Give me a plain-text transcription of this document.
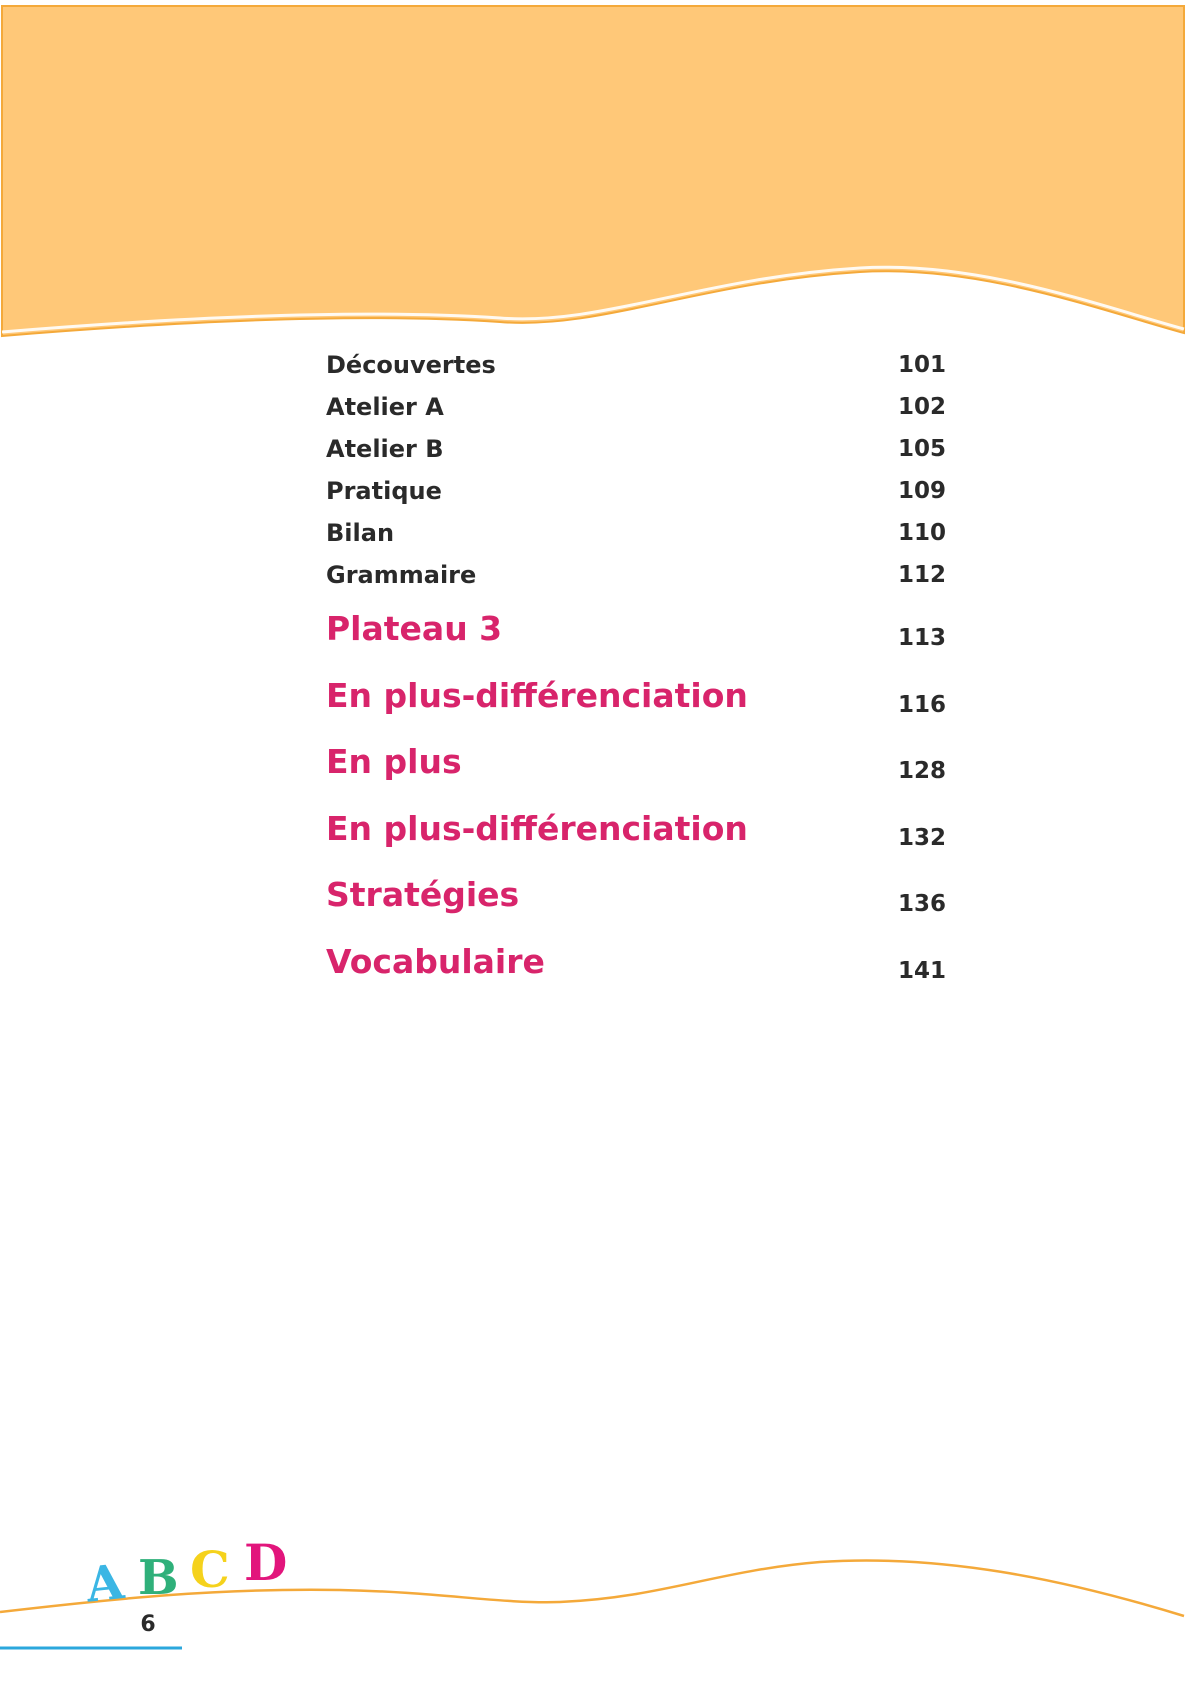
Découvertes	101
Atelier A	102
Atelier B	105
Pratique	109
Bilan	110
Grammaire	112
Plateau 3	113
En plus-différenciation	116
En plus	128
En plus-différenciation	132
Stratégies	136
Vocabulaire	141
A B C D
6
